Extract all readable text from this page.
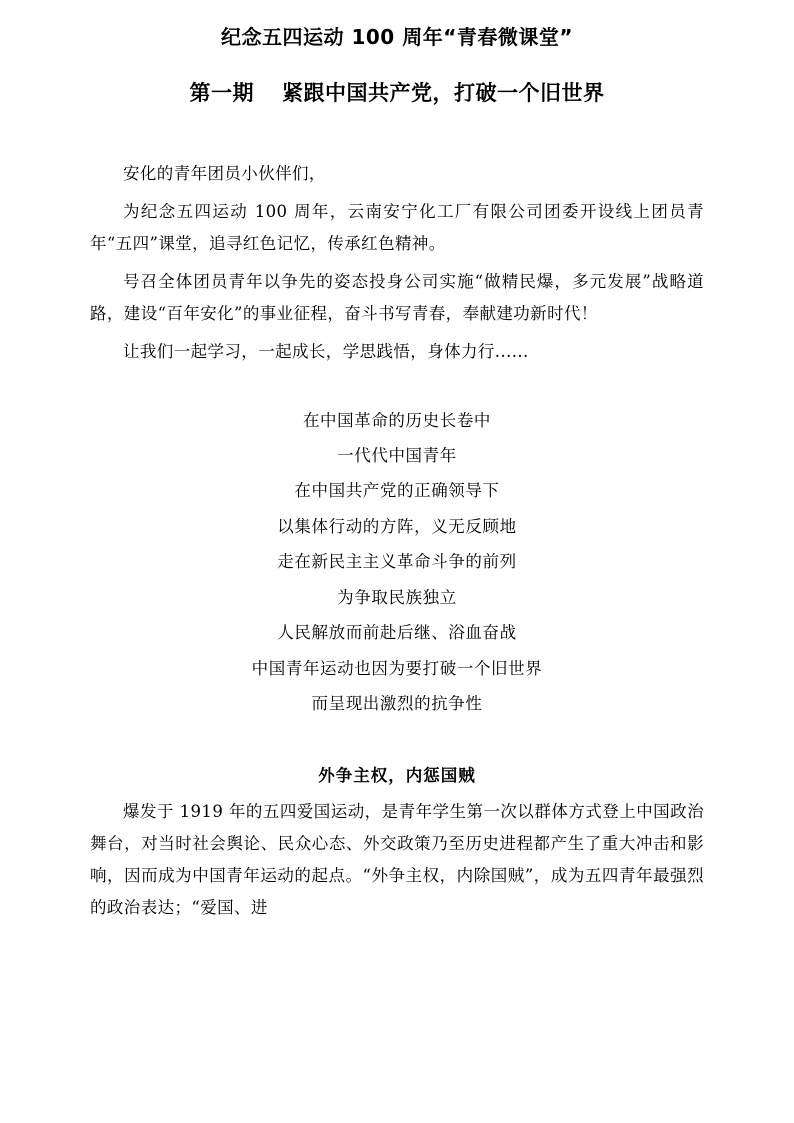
纪念五四运动 100 周年“青春微课堂”
第一期 紧跟中国共产党，打破一个旧世界

安化的青年团员小伙伴们，

为纪念五四运动 100 周年，云南安宁化工厂有限公司团委开设线上团员青年“五四”课堂，追寻红色记忆，传承红色精神。

号召全体团员青年以争先的姿态投身公司实施“做精民爆，多元发展”战略道路，建设“百年安化”的事业征程，奋斗书写青春，奉献建功新时代！

让我们一起学习，一起成长，学思践悟，身体力行......

在中国革命的历史长卷中

一代代中国青年

在中国共产党的正确领导下

以集体行动的方阵，义无反顾地

走在新民主主义革命斗争的前列

为争取民族独立

人民解放而前赴后继、浴血奋战

中国青年运动也因为要打破一个旧世界

而呈现出激烈的抗争性

外争主权，内惩国贼

爆发于 1919 年的五四爱国运动，是青年学生第一次以群体方式登上中国政治舞台，对当时社会舆论、民众心态、外交政策乃至历史进程都产生了重大冲击和影响，因而成为中国青年运动的起点。“外争主权，内除国贼”，成为五四青年最强烈的政治表达；“爱国、进
